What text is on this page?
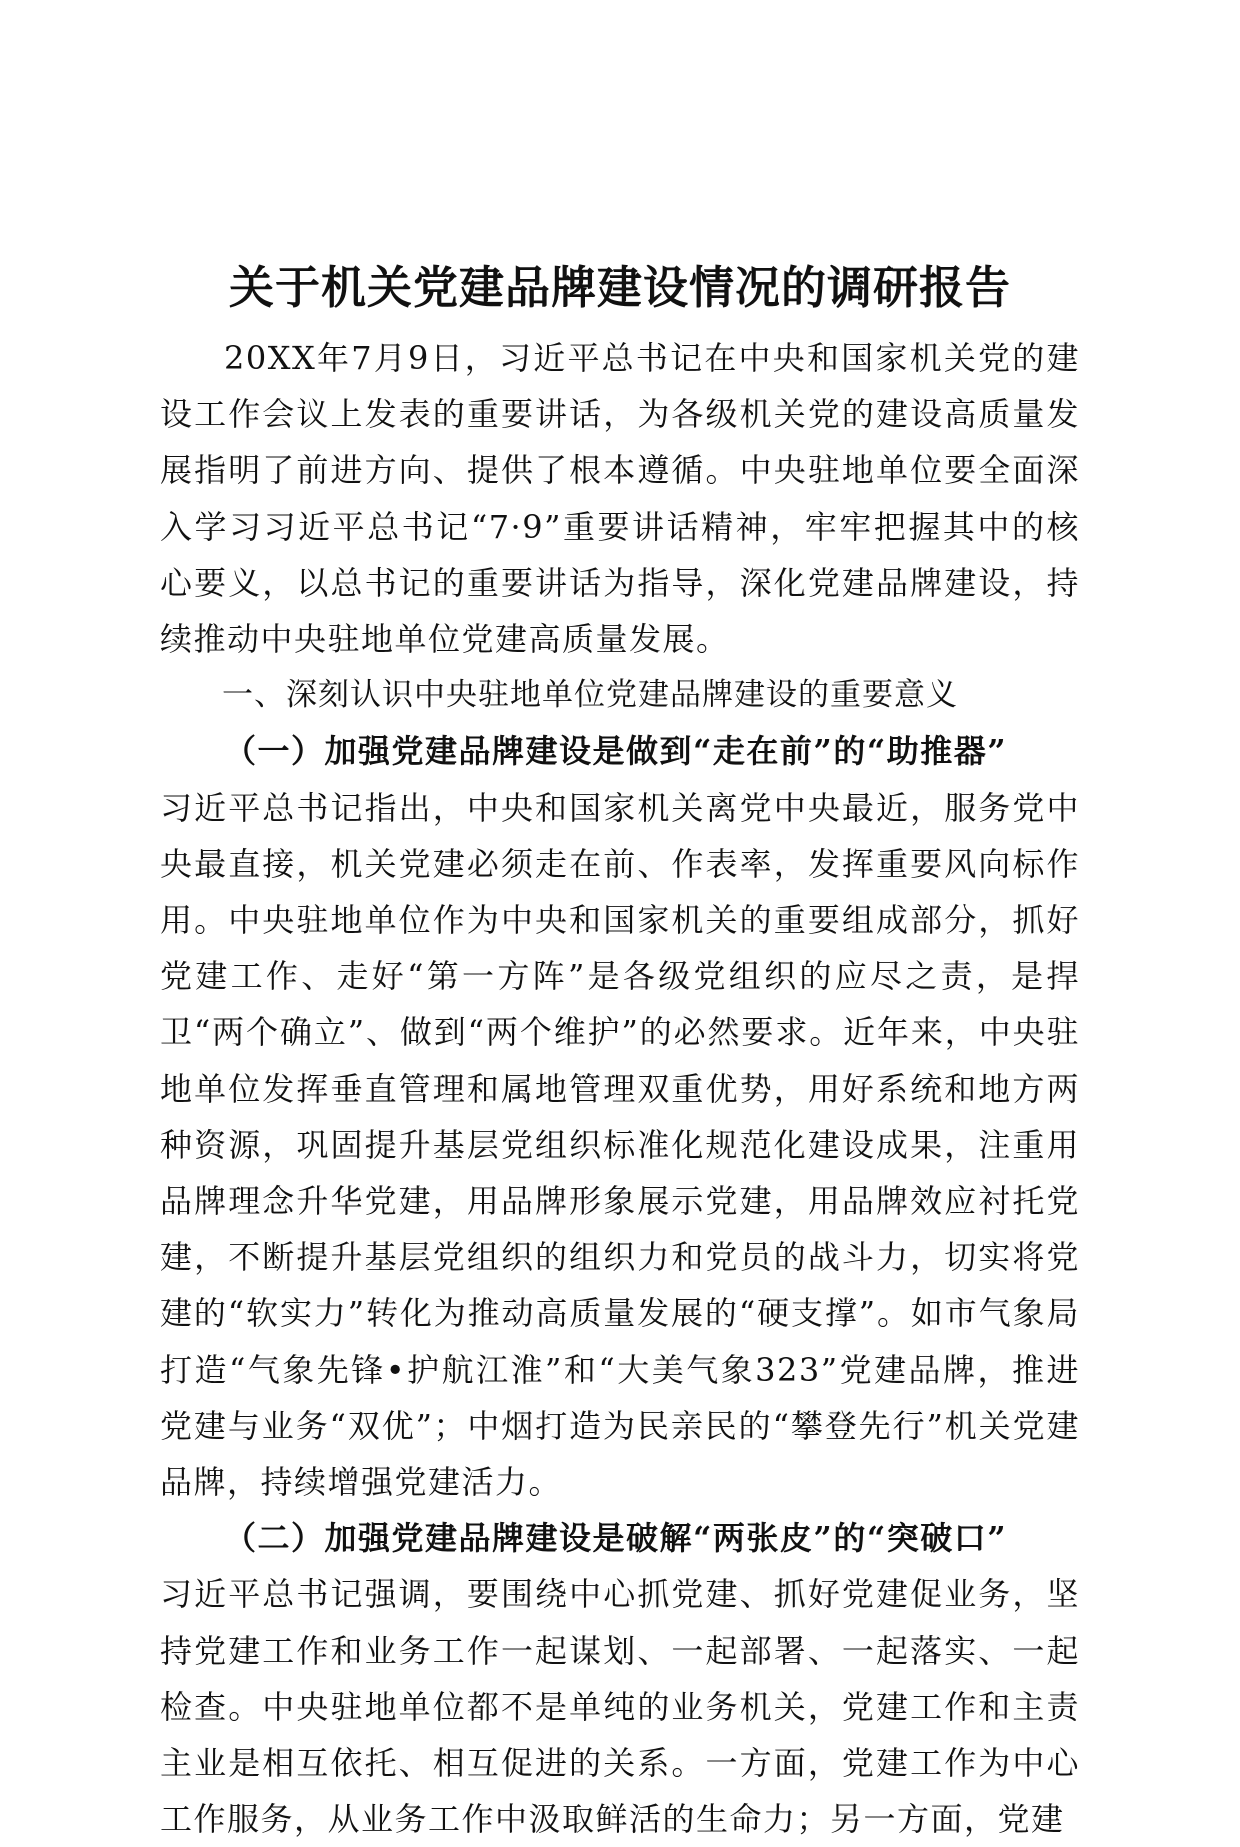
关于机关党建品牌建设情况的调研报告

20XX年7月9日，习近平总书记在中央和国家机关党的建设工作会议上发表的重要讲话，为各级机关党的建设高质量发展指明了前进方向、提供了根本遵循。中央驻地单位要全面深入学习习近平总书记“7·9”重要讲话精神，牢牢把握其中的核心要义，以总书记的重要讲话为指导，深化党建品牌建设，持续推动中央驻地单位党建高质量发展。

一、深刻认识中央驻地单位党建品牌建设的重要意义
（一）加强党建品牌建设是做到“走在前”的“助推器”

习近平总书记指出，中央和国家机关离党中央最近，服务党中央最直接，机关党建必须走在前、作表率，发挥重要风向标作用。中央驻地单位作为中央和国家机关的重要组成部分，抓好党建工作、走好“第一方阵”是各级党组织的应尽之责，是捍卫“两个确立”、做到“两个维护”的必然要求。近年来，中央驻地单位发挥垂直管理和属地管理双重优势，用好系统和地方两种资源，巩固提升基层党组织标准化规范化建设成果，注重用品牌理念升华党建，用品牌形象展示党建，用品牌效应衬托党建，不断提升基层党组织的组织力和党员的战斗力，切实将党建的“软实力”转化为推动高质量发展的“硬支撑”。如市气象局打造“气象先锋•护航江淮”和“大美气象323”党建品牌，推进党建与业务“双优”；中烟打造为民亲民的“攀登先行”机关党建品牌，持续增强党建活力。

（二）加强党建品牌建设是破解“两张皮”的“突破口”

习近平总书记强调，要围绕中心抓党建、抓好党建促业务，坚持党建工作和业务工作一起谋划、一起部署、一起落实、一起检查。中央驻地单位都不是单纯的业务机关，党建工作和主责主业是相互依托、相互促进的关系。一方面，党建工作为中心工作服务，从业务工作中汲取鲜活的生命力；另一方面，党建
